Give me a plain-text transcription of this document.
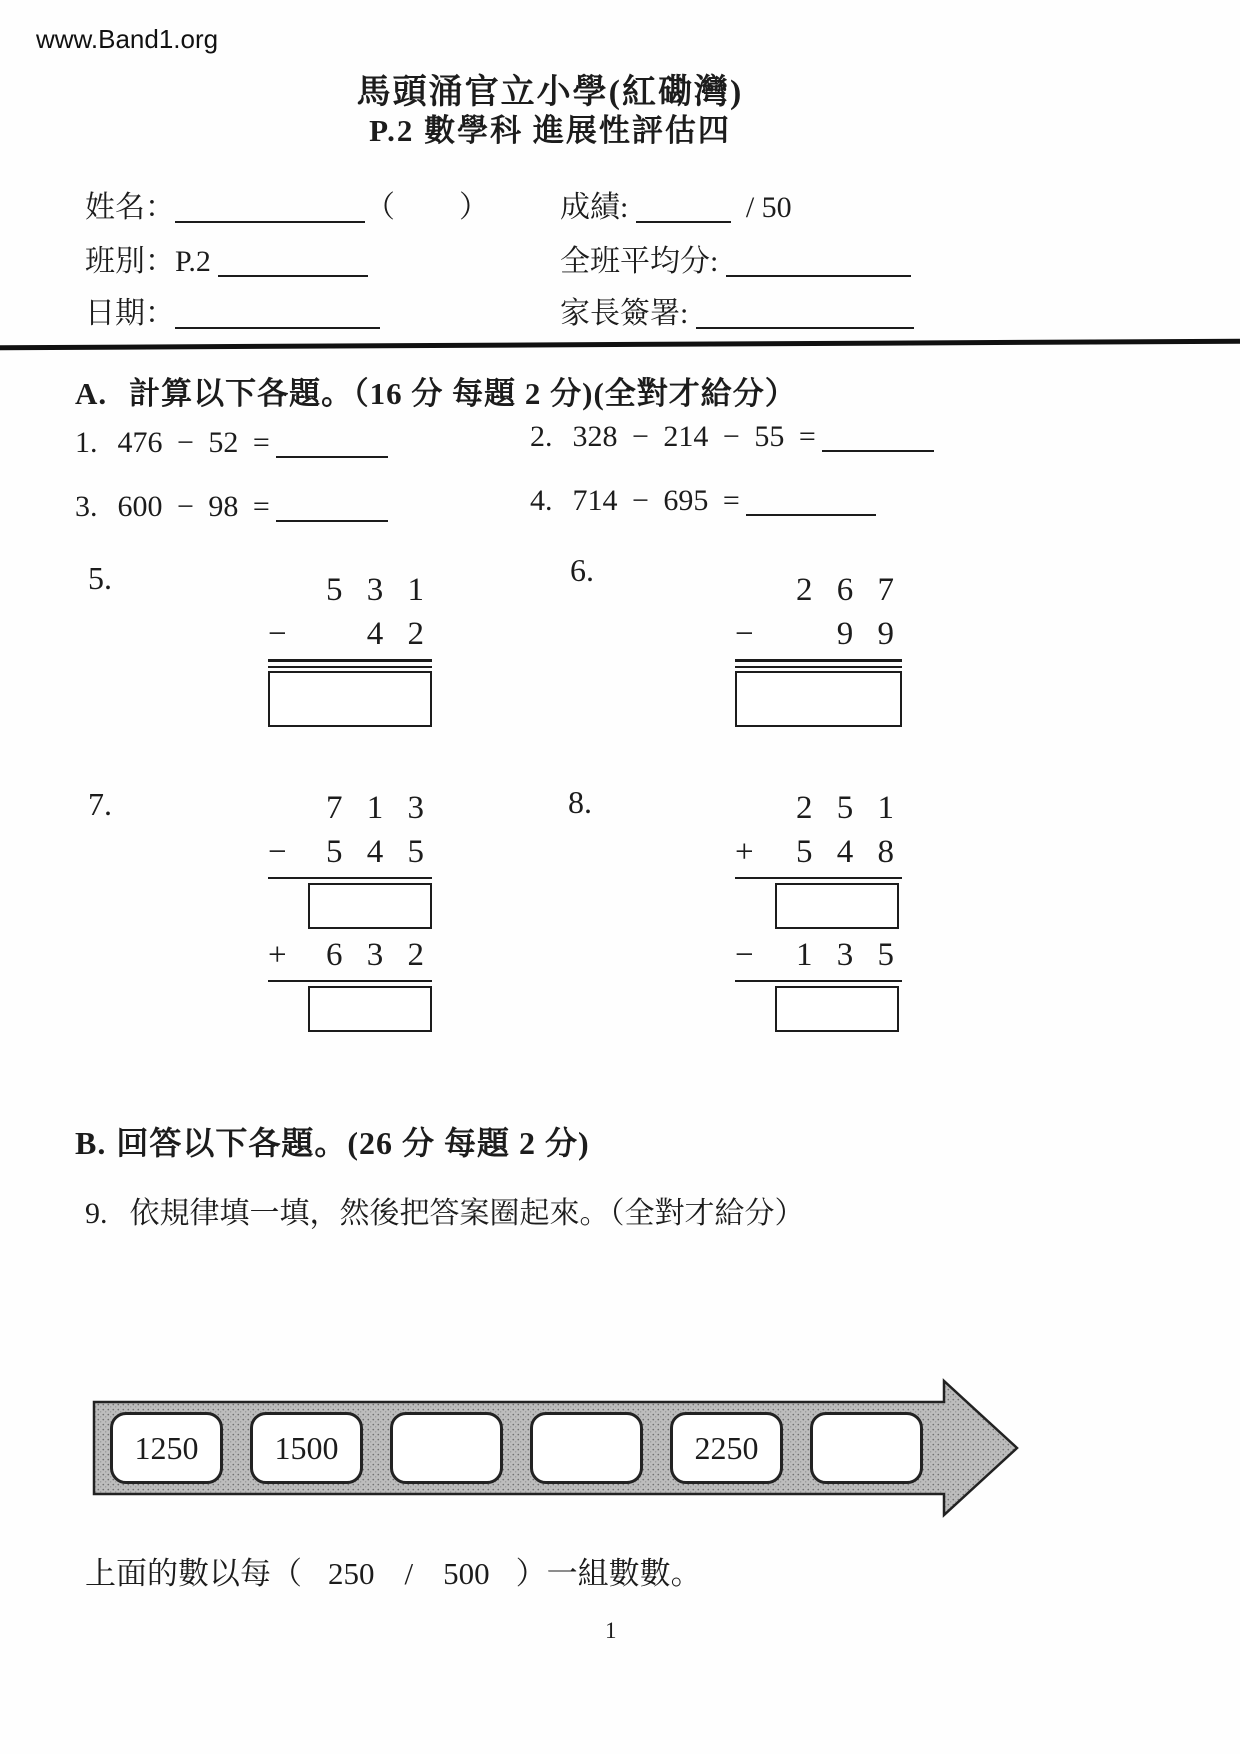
www.Band1.org
馬頭涌官立小學(紅磡灣)
P.2 數學科 進展性評估四
姓名：	（ ）
班別：P.2
日期：
成績:	/ 50
全班平均分:
家長簽署:
A. 計算以下各題。（16 分 每題 2 分)(全對才給分）
1. 476 − 52 =	2. 328 − 214 − 55 =
3. 600 − 98 =	4. 714 − 695 =
5.	5 3 1
− 4 2
6.
2 6 7
−	9 9
7.	7 1 3
− 5 4 5
+ 6 3 2
8.	2 5 1
+ 5 4 8
− 1 3 5
B. 回答以下各題。(26 分 每題 2 分)
9. 依規律填一填，然後把答案圈起來。（全對才給分）
1250	1500	2250
上面的數以每（ 250 / 500 ）一組數數。
1
